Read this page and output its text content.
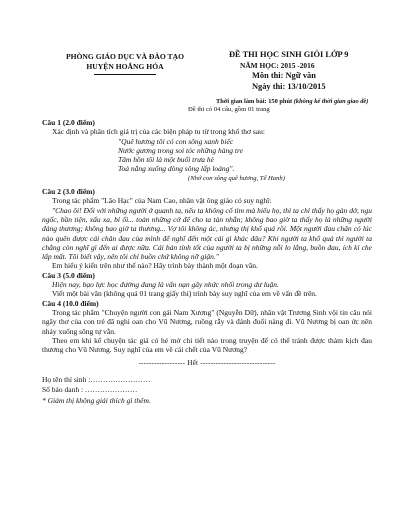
PHÒNG GIÁO DỤC VÀ ĐÀO TẠO
HUYỆN HOẰNG HÓA
ĐỀ THI HỌC SINH GIỎI LỚP 9
NĂM HỌC: 2015 -2016
Môn thi: Ngữ văn
Ngày thi: 13/10/2015
Thời gian làm bài: 150 phút (không kể thời gian giao đề)
Đề thi có 04 câu, gồm 01 trang

Câu 1 (2.0 điểm)

Xác định và phân tích giá trị của các biện pháp tu từ trong khổ thơ sau:

"Quê hương tôi có con sông xanh biếc

Nước gương trong soi tóc những hàng tre

Tâm hồn tôi là một buổi trưa hè

Toả nắng xuống dòng sông lấp loáng".

(Nhớ con sông quê hương, Tế Hanh)

Câu 2 (3.0 điểm)

Trong tác phẩm "Lão Hạc" của Nam Cao, nhân vật ông giáo có suy nghĩ:

"Chao ôi! Đối với những người ở quanh ta, nếu ta không cố tìm mà hiểu họ, thì ta chỉ thấy họ gàn dở, ngu ngốc, bần tiện, xấu xa, bỉ ổi... toàn những cớ để cho ta tàn nhẫn; không bao giờ ta thấy họ là những người đáng thương; không bao giờ ta thương... Vợ tôi không ác, nhưng thị khổ quá rồi. Một người đau chân có lúc nào quên được cái chân đau của mình để nghĩ đến một cái gì khác đâu? Khi người ta khổ quá thì người ta chẳng còn nghĩ gì đến ai được nữa. Cái bản tính tốt của người ta bị những nỗi lo lắng, buồn đau, ích kỉ che lấp mất. Tôi biết vậy, nên tôi chỉ buồn chứ không nỡ giận."

Em hiểu ý kiến trên như thế nào? Hãy trình bày thành một đoạn văn.

Câu 3 (5.0 điểm)

Hiện nay, bạo lực học đường đang là vấn nạn gây nhức nhối trong dư luận.

Viết một bài văn (không quá 01 trang giấy thi) trình bày suy nghĩ của em về vấn đề trên.

Câu 4 (10.0 điểm)

Trong tác phẩm "Chuyện người con gái Nam Xương" (Nguyễn Dữ), nhân vật Trương Sinh vội tin câu nói ngây thơ của con trẻ đã nghi oan cho Vũ Nương, ruồng rẫy và đánh đuổi nàng đi. Vũ Nương bị oan ức nên nhảy xuống sông tự vẫn.

Theo em khi kể chuyện tác giả có hé mở chi tiết nào trong truyện để có thể tránh được thảm kịch đau thương cho Vũ Nương. Suy nghĩ của em về cái chết của Vũ Nương?

------------------ Hết -----------------------------

Họ tên thí sinh :……………………

Số báo danh : …………………

* Giám thị không giải thích gì thêm.
